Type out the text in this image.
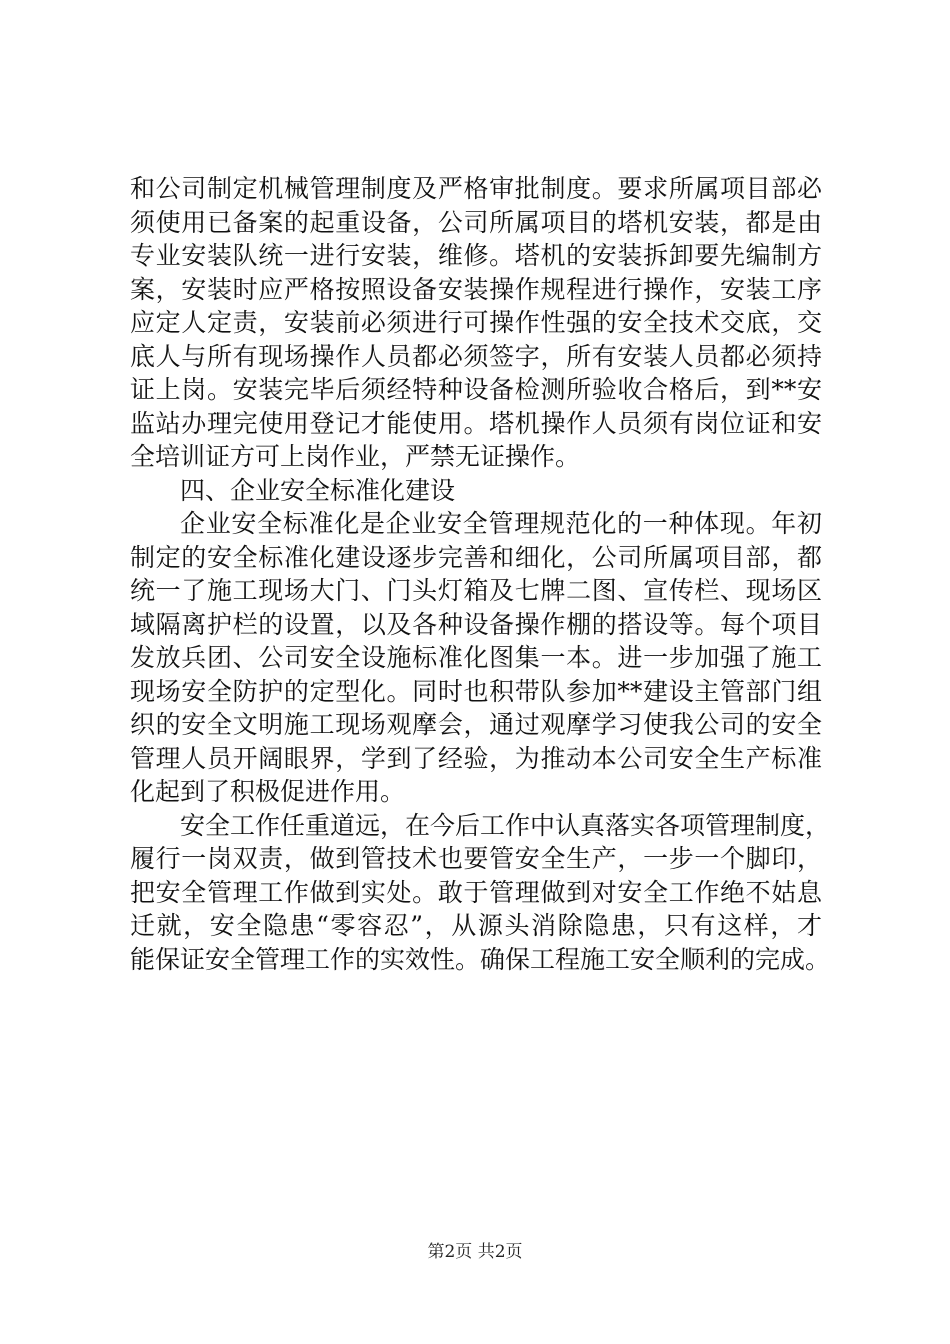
和公司制定机械管理制度及严格审批制度。要求所属项目部必
须使用已备案的起重设备，公司所属项目的塔机安装，都是由
专业安装队统一进行安装，维修。塔机的安装拆卸要先编制方
案，安装时应严格按照设备安装操作规程进行操作，安装工序
应定人定责，安装前必须进行可操作性强的安全技术交底，交
底人与所有现场操作人员都必须签字，所有安装人员都必须持
证上岗。安装完毕后须经特种设备检测所验收合格后，到**安
监站办理完使用登记才能使用。塔机操作人员须有岗位证和安
全培训证方可上岗作业，严禁无证操作。
四、企业安全标准化建设
企业安全标准化是企业安全管理规范化的一种体现。年初
制定的安全标准化建设逐步完善和细化，公司所属项目部，都
统一了施工现场大门、门头灯箱及七牌二图、宣传栏、现场区
域隔离护栏的设置，以及各种设备操作棚的搭设等。每个项目
发放兵团、公司安全设施标准化图集一本。进一步加强了施工
现场安全防护的定型化。同时也积带队参加**建设主管部门组
织的安全文明施工现场观摩会，通过观摩学习使我公司的安全
管理人员开阔眼界，学到了经验，为推动本公司安全生产标准
化起到了积极促进作用。
安全工作任重道远，在今后工作中认真落实各项管理制度，
履行一岗双责，做到管技术也要管安全生产，一步一个脚印，
把安全管理工作做到实处。敢于管理做到对安全工作绝不姑息
迁就，安全隐患“零容忍”，从源头消除隐患，只有这样，才
能保证安全管理工作的实效性。确保工程施工安全顺利的完成。
第2页 共2页
